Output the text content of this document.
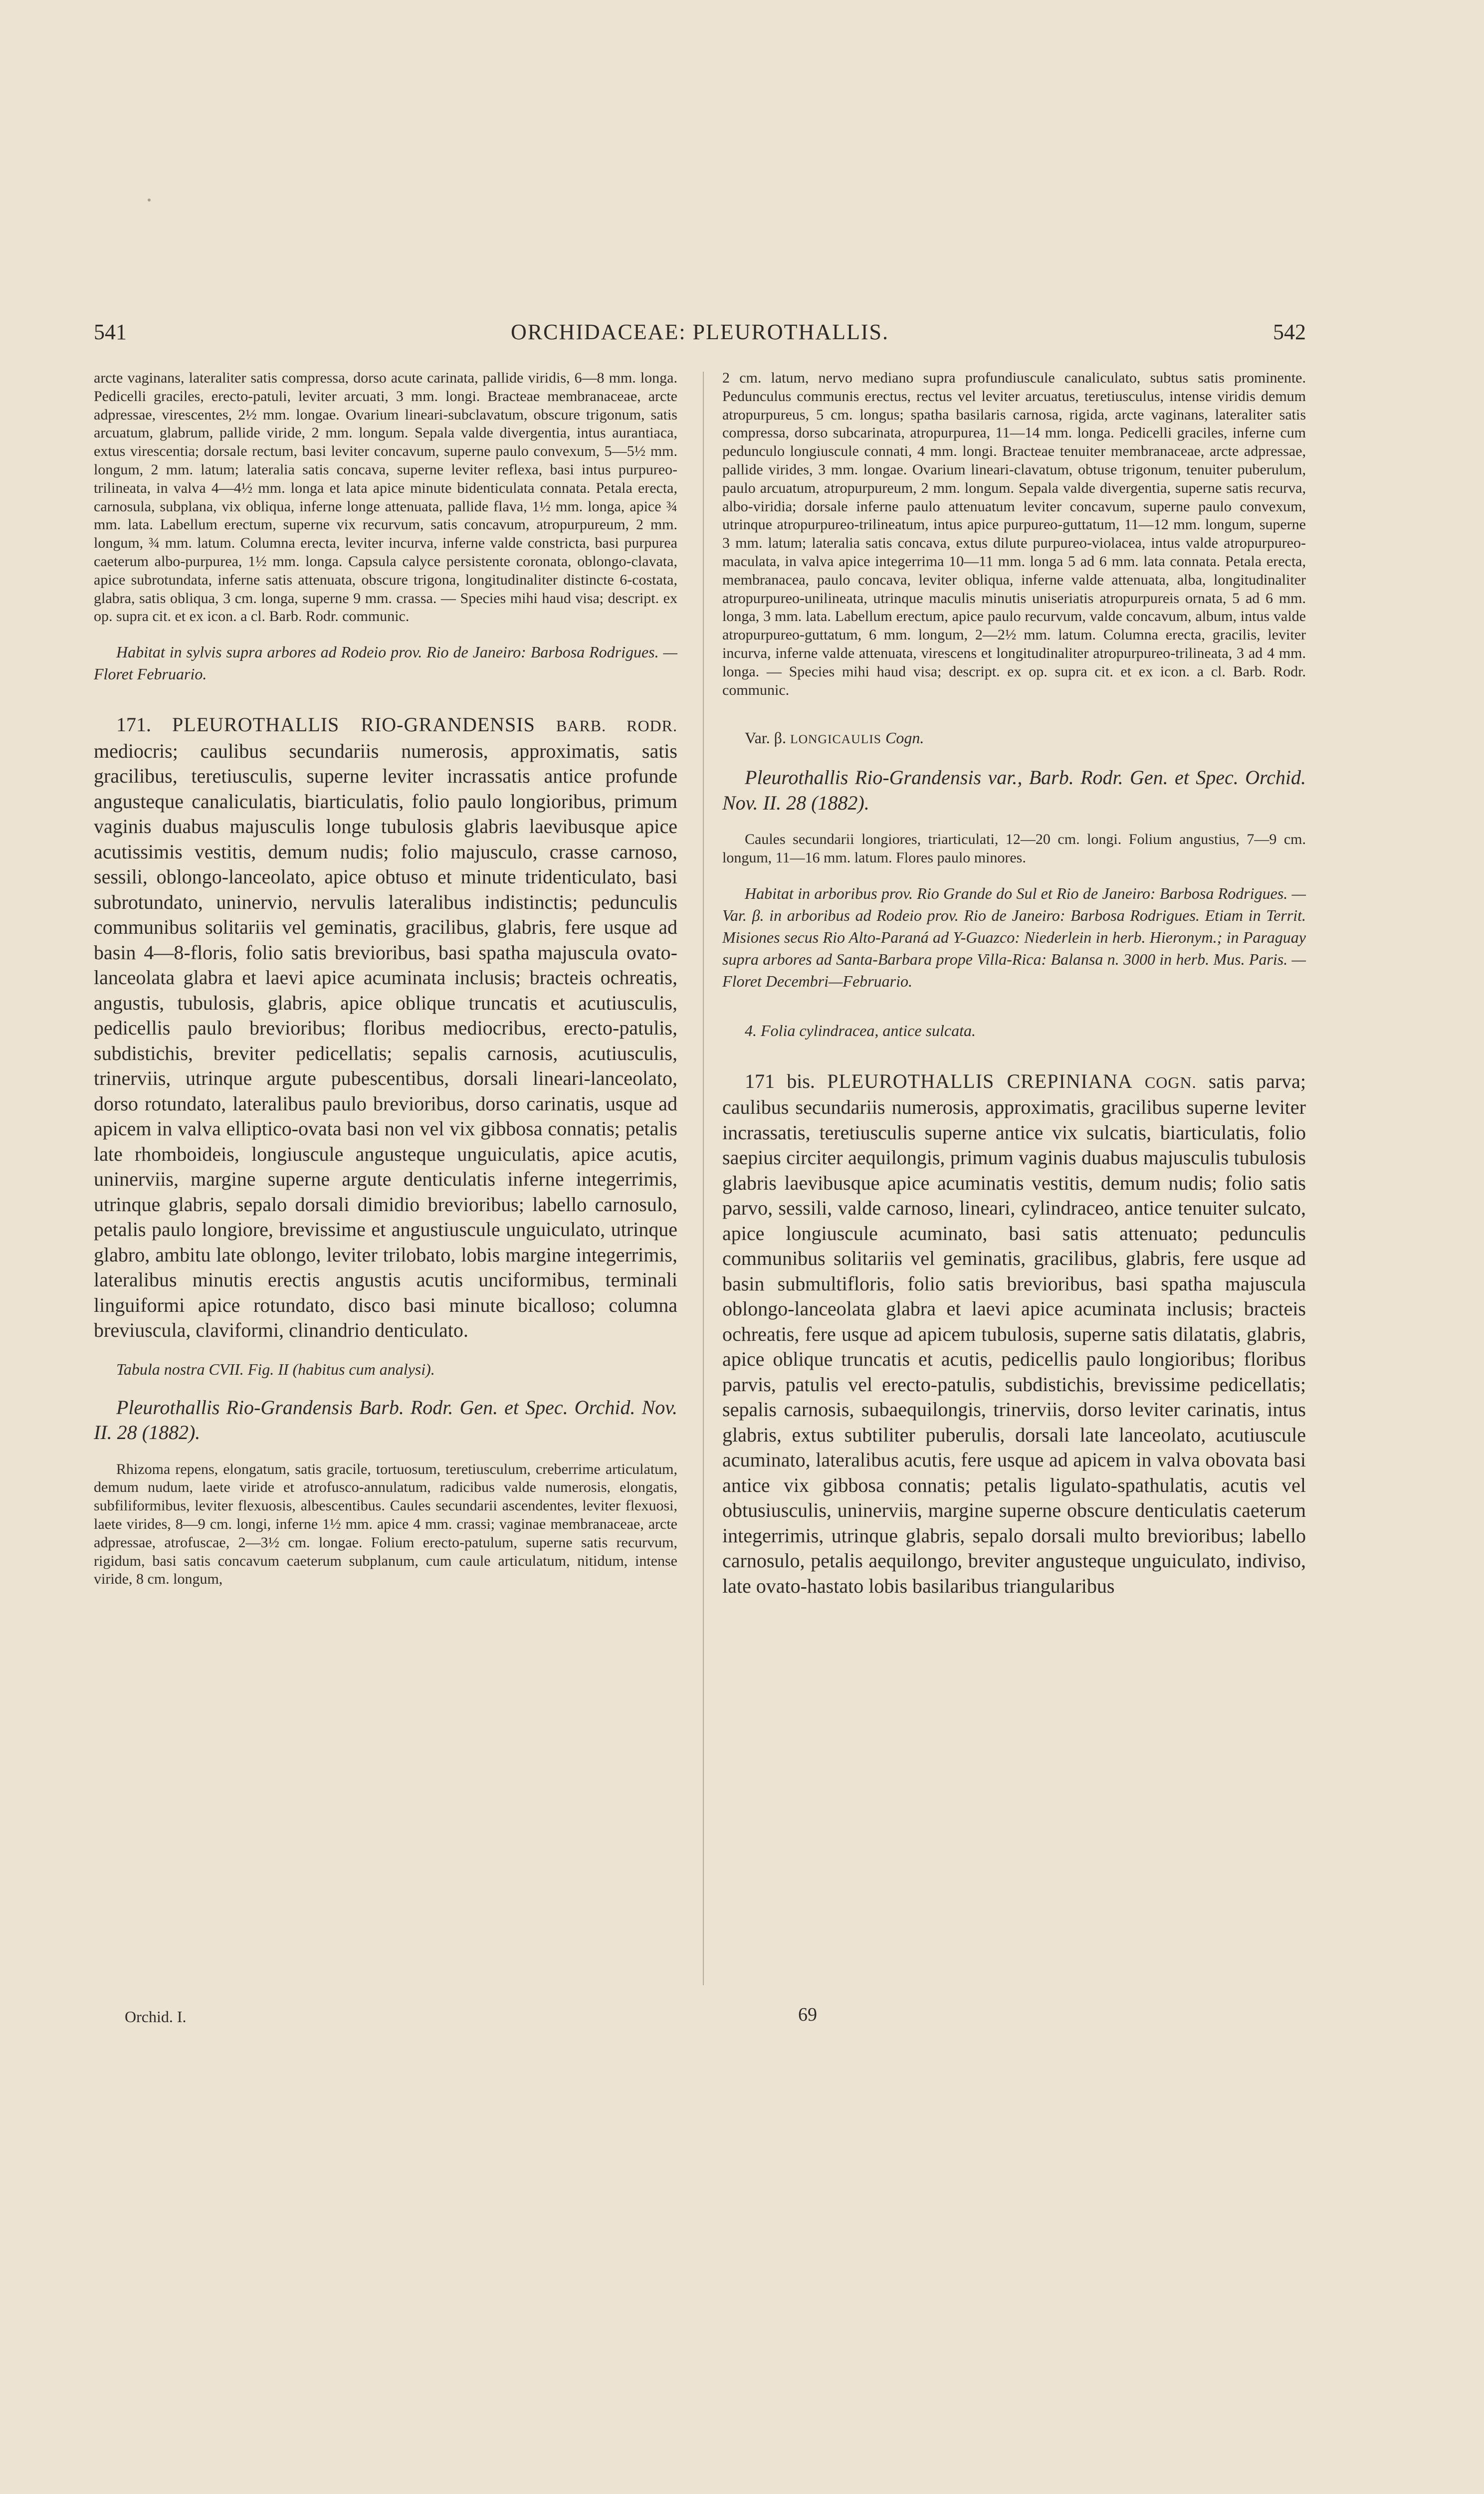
541	ORCHIDACEAE: PLEUROTHALLIS.	542

arcte vaginans, lateraliter satis compressa, dorso acute carinata, pallide viridis, 6—8 mm. longa. Pedicelli graciles, erecto-patuli, leviter arcuati, 3 mm. longi. Bracteae membranaceae, arcte adpressae, virescentes, 2½ mm. longae. Ovarium lineari-subclavatum, obscure trigonum, satis arcuatum, glabrum, pallide viride, 2 mm. longum. Sepala valde divergentia, intus aurantiaca, extus virescentia; dorsale rectum, basi leviter concavum, superne paulo convexum, 5—5½ mm. longum, 2 mm. latum; lateralia satis concava, superne leviter reflexa, basi intus purpureo-trilineata, in valva 4—4½ mm. longa et lata apice minute bidenticulata connata. Petala erecta, carnosula, subplana, vix obliqua, inferne longe attenuata, pallide flava, 1½ mm. longa, apice ¾ mm. lata. Labellum erectum, superne vix recurvum, satis concavum, atropurpureum, 2 mm. longum, ¾ mm. latum. Columna erecta, leviter incurva, inferne valde constricta, basi purpurea caeterum albo-purpurea, 1½ mm. longa. Capsula calyce persistente coronata, oblongo-clavata, apice subrotundata, inferne satis attenuata, obscure trigona, longitudinaliter distincte 6-costata, glabra, satis obliqua, 3 cm. longa, superne 9 mm. crassa. — Species mihi haud visa; descript. ex op. supra cit. et ex icon. a cl. Barb. Rodr. communic.

Habitat in sylvis supra arbores ad Rodeio prov. Rio de Janeiro: Barbosa Rodrigues. — Floret Februario.

171. PLEUROTHALLIS RIO-GRANDENSIS BARB. RODR. mediocris; caulibus secundariis numerosis, approximatis, satis gracilibus, teretiusculis, superne leviter incrassatis antice profunde angusteque canaliculatis, biarticulatis, folio paulo longioribus, primum vaginis duabus majusculis longe tubulosis glabris laevibusque apice acutissimis vestitis, demum nudis; folio majusculo, crasse carnoso, sessili, oblongo-lanceolato, apice obtuso et minute tridenticulato, basi subrotundato, uninervio, nervulis lateralibus indistinctis; pedunculis communibus solitariis vel geminatis, gracilibus, glabris, fere usque ad basin 4—8-floris, folio satis brevioribus, basi spatha majuscula ovato-lanceolata glabra et laevi apice acuminata inclusis; bracteis ochreatis, angustis, tubulosis, glabris, apice oblique truncatis et acutiusculis, pedicellis paulo brevioribus; floribus mediocribus, erecto-patulis, subdistichis, breviter pedicellatis; sepalis carnosis, acutiusculis, trinerviis, utrinque argute pubescentibus, dorsali lineari-lanceolato, dorso rotundato, lateralibus paulo brevioribus, dorso carinatis, usque ad apicem in valva elliptico-ovata basi non vel vix gibbosa connatis; petalis late rhomboideis, longiuscule angusteque unguiculatis, apice acutis, uninerviis, margine superne argute denticulatis inferne integerrimis, utrinque glabris, sepalo dorsali dimidio brevioribus; labello carnosulo, petalis paulo longiore, brevissime et angustiuscule unguiculato, utrinque glabro, ambitu late oblongo, leviter trilobato, lobis margine integerrimis, lateralibus minutis erectis angustis acutis unciformibus, terminali linguiformi apice rotundato, disco basi minute bicalloso; columna breviuscula, claviformi, clinandrio denticulato.

Tabula nostra CVII. Fig. II (habitus cum analysi).

Pleurothallis Rio-Grandensis Barb. Rodr. Gen. et Spec. Orchid. Nov. II. 28 (1882).

Rhizoma repens, elongatum, satis gracile, tortuosum, teretiusculum, creberrime articulatum, demum nudum, laete viride et atrofusco-annulatum, radicibus valde numerosis, elongatis, subfiliformibus, leviter flexuosis, albescentibus. Caules secundarii ascendentes, leviter flexuosi, laete virides, 8—9 cm. longi, inferne 1½ mm. apice 4 mm. crassi; vaginae membranaceae, arcte adpressae, atrofuscae, 2—3½ cm. longae. Folium erecto-patulum, superne satis recurvum, rigidum, basi satis concavum caeterum subplanum, cum caule articulatum, nitidum, intense viride, 8 cm. longum,

2 cm. latum, nervo mediano supra profundiuscule canaliculato, subtus satis prominente. Pedunculus communis erectus, rectus vel leviter arcuatus, teretiusculus, intense viridis demum atropurpureus, 5 cm. longus; spatha basilaris carnosa, rigida, arcte vaginans, lateraliter satis compressa, dorso subcarinata, atropurpurea, 11—14 mm. longa. Pedicelli graciles, inferne cum pedunculo longiuscule connati, 4 mm. longi. Bracteae tenuiter membranaceae, arcte adpressae, pallide virides, 3 mm. longae. Ovarium lineari-clavatum, obtuse trigonum, tenuiter puberulum, paulo arcuatum, atropurpureum, 2 mm. longum. Sepala valde divergentia, superne satis recurva, albo-viridia; dorsale inferne paulo attenuatum leviter concavum, superne paulo convexum, utrinque atropurpureo-trilineatum, intus apice purpureo-guttatum, 11—12 mm. longum, superne 3 mm. latum; lateralia satis concava, extus dilute purpureo-violacea, intus valde atropurpureo-maculata, in valva apice integerrima 10—11 mm. longa 5 ad 6 mm. lata connata. Petala erecta, membranacea, paulo concava, leviter obliqua, inferne valde attenuata, alba, longitudinaliter atropurpureo-unilineata, utrinque maculis minutis uniseriatis atropurpureis ornata, 5 ad 6 mm. longa, 3 mm. lata. Labellum erectum, apice paulo recurvum, valde concavum, album, intus valde atropurpureo-guttatum, 6 mm. longum, 2—2½ mm. latum. Columna erecta, gracilis, leviter incurva, inferne valde attenuata, virescens et longitudinaliter atropurpureo-trilineata, 3 ad 4 mm. longa. — Species mihi haud visa; descript. ex op. supra cit. et ex icon. a cl. Barb. Rodr. communic.

Var. β. LONGICAULIS Cogn.

Pleurothallis Rio-Grandensis var., Barb. Rodr. Gen. et Spec. Orchid. Nov. II. 28 (1882).

Caules secundarii longiores, triarticulati, 12—20 cm. longi. Folium angustius, 7—9 cm. longum, 11—16 mm. latum. Flores paulo minores.

Habitat in arboribus prov. Rio Grande do Sul et Rio de Janeiro: Barbosa Rodrigues. — Var. β. in arboribus ad Rodeio prov. Rio de Janeiro: Barbosa Rodrigues. Etiam in Territ. Misiones secus Rio Alto-Paraná ad Y-Guazco: Niederlein in herb. Hieronym.; in Paraguay supra arbores ad Santa-Barbara prope Villa-Rica: Balansa n. 3000 in herb. Mus. Paris. — Floret Decembri—Februario.

4. Folia cylindracea, antice sulcata.

171 bis. PLEUROTHALLIS CREPINIANA COGN. satis parva; caulibus secundariis numerosis, approximatis, gracilibus superne leviter incrassatis, teretiusculis superne antice vix sulcatis, biarticulatis, folio saepius circiter aequilongis, primum vaginis duabus majusculis tubulosis glabris laevibusque apice acuminatis vestitis, demum nudis; folio satis parvo, sessili, valde carnoso, lineari, cylindraceo, antice tenuiter sulcato, apice longiuscule acuminato, basi satis attenuato; pedunculis communibus solitariis vel geminatis, gracilibus, glabris, fere usque ad basin submultifloris, folio satis brevioribus, basi spatha majuscula oblongo-lanceolata glabra et laevi apice acuminata inclusis; bracteis ochreatis, fere usque ad apicem tubulosis, superne satis dilatatis, glabris, apice oblique truncatis et acutis, pedicellis paulo longioribus; floribus parvis, patulis vel erecto-patulis, subdistichis, brevissime pedicellatis; sepalis carnosis, subaequilongis, trinerviis, dorso leviter carinatis, intus glabris, extus subtiliter puberulis, dorsali late lanceolato, acutiuscule acuminato, lateralibus acutis, fere usque ad apicem in valva obovata basi antice vix gibbosa connatis; petalis ligulato-spathulatis, acutis vel obtusiusculis, uninerviis, margine superne obscure denticulatis caeterum integerrimis, utrinque glabris, sepalo dorsali multo brevioribus; labello carnosulo, petalis aequilongo, breviter angusteque unguiculato, indiviso, late ovato-hastato lobis basilaribus triangularibus

Orchid. I.	69
